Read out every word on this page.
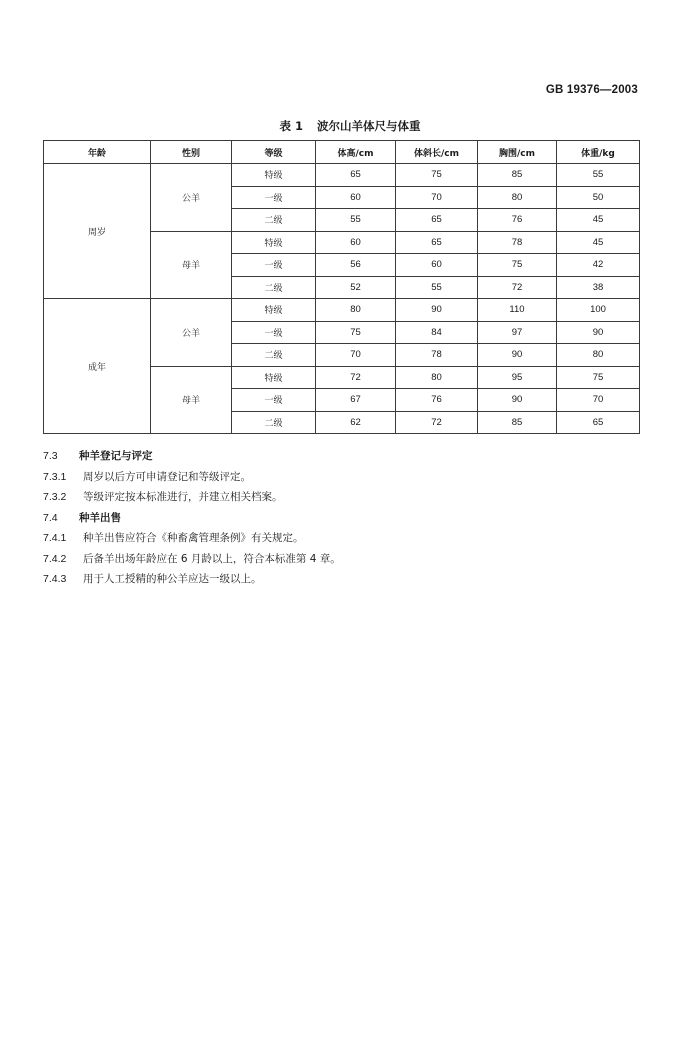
GB 19376—2003
表 1 波尔山羊体尺与体重
年龄	性别	等级	体高/cm	体斜长/cm	胸围/cm	体重/kg
周岁	公羊	特级	65	75	85	55
		一级	60	70	80	50
		二级	55	65	76	45
	母羊	特级	60	65	78	45
		一级	56	60	75	42
		二级	52	55	72	38
成年	公羊	特级	80	90	110	100
		一级	75	84	97	90
		二级	70	78	90	80
	母羊	特级	72	80	95	75
		一级	67	76	90	70
		二级	62	72	85	65
7.3 种羊登记与评定
7.3.1 周岁以后方可申请登记和等级评定。
7.3.2 等级评定按本标准进行，并建立相关档案。
7.4 种羊出售
7.4.1 种羊出售应符合《种畜禽管理条例》有关规定。
7.4.2 后备羊出场年龄应在 6 月龄以上，符合本标准第 4 章。
7.4.3 用于人工授精的种公羊应达一级以上。
